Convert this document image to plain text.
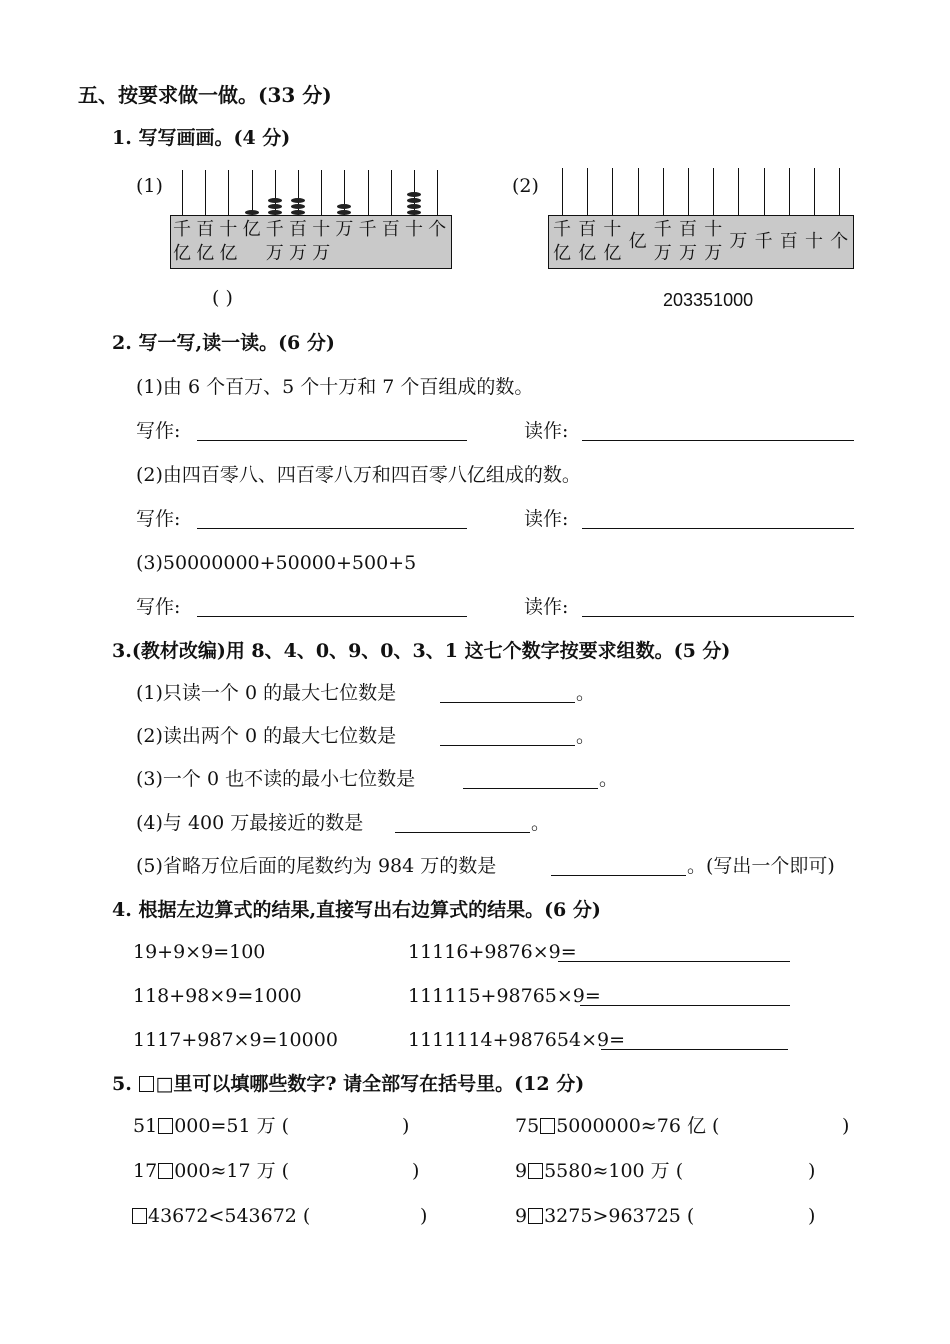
五、按要求做一做。(33 分)
1. 写写画画。(4 分)
(1)	(2)
千
亿
百
亿
十
亿
亿 千
万
百
万
十
万
万 千 百 十 个	千
亿
百
亿
十
亿
亿
千
万
百
万
十
万
万 千 百 十 个
( )	203351000
2. 写一写,读一读。(6 分)
(1)由 6 个百万、5 个十万和 7 个百组成的数。
写作:	读作:
(2)由四百零八、四百零八万和四百零八亿组成的数。
写作:	读作:
(3)50000000+50000+500+5
写作:	读作:
3.(教材改编)用 8、4、0、9、0、3、1 这七个数字按要求组数。(5 分)
(1)只读一个 0 的最大七位数是	。
(2)读出两个 0 的最大七位数是	。
(3)一个 0 也不读的最小七位数是	。
(4)与 400 万最接近的数是	。
(5)省略万位后面的尾数约为 984 万的数是	。(写出一个即可)
4. 根据左边算式的结果,直接写出右边算式的结果。(6 分)
19+9×9=100	11116+9876×9=
118+98×9=1000	111115+98765×9=
1117+987×9=10000	1111114+987654×9=
5. □里可以填哪些数字? 请全部写在括号里。(12 分)
51 000=51 万 (	)	75 5000000≈76 亿 (	)
17 000≈17 万 (	)	9 5580≈100 万 (	)
43672<543672 (	)	9 3275>963725 (	)
